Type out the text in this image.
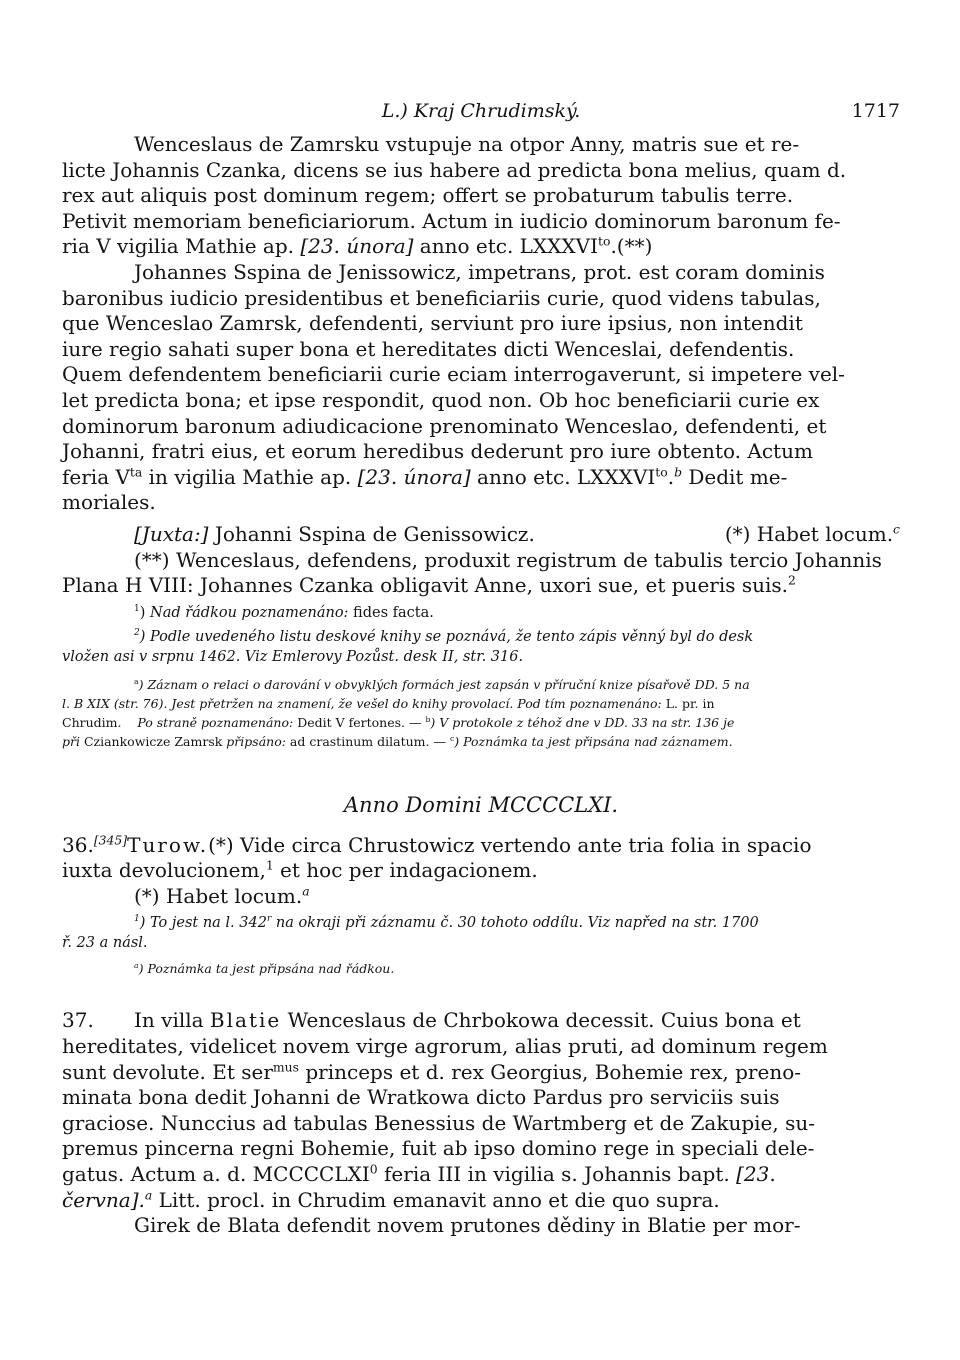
L.) Kraj Chrudimský.	1717

Wenceslaus de Zamrsku vstupuje na otpor Anny, matris sue et re-

licte Johannis Czanka, dicens se ius habere ad predicta bona melius, quam d.

rex aut aliquis post dominum regem; offert se probaturum tabulis terre.

Petivit memoriam beneficiariorum. Actum in iudicio dominorum baronum fe-

ria V vigilia Mathie ap. [23. února] anno etc. $LXXXVI^{to}.(**)$

Johannes Sspina de Jenissowicz, impetrans, prot. est coram dominis

baronibus iudicio presidentibus et beneficiariis curie, quod videns tabulas,

que Wenceslao Zamrsk, defendenti, serviunt pro iure ipsius, non intendit

iure regio sahati super bona et hereditates dicti Wenceslai, defendentis.

Quem defendentem beneficiarii curie eciam interrogaverunt, si impetere vel-

let predicta bona; et ipse respondit, quod non. Ob hoc beneficiarii curie ex

dominorum baronum adiudicacione prenominato Wenceslao, defendenti, et

Johanni, fratri eius, et eorum heredibus dederunt pro iure obtento. Actum

feria $V^{ta}$ in vigilia Mathie ap. [23. února] anno etc. $LXXXVI^{to}.^b$ Dedit me-

moriales.

[Juxta:] Johanni Sspina de Genissowicz.	(*) Habet locum.$^c$

(**) Wenceslaus, defendens, produxit registrum de tabulis tercio Johannis

Plana H VIII: Johannes Czanka obligavit Anne, uxori sue, et pueris suis.$^2$

$^1$) Nad řádkou poznamenáno: fides facta.

$^2$) Podle uvedeného listu deskové knihy se poznává, že tento zápis věnný byl do desk

vložen asi v srpnu 1462. Viz Emlerovy Pozůst. desk II, str. 316.

$^a$) Záznam o relaci o darování v obvyklých formách jest zapsán v příruční knize písařově DD. 5 na

l. B XIX (str. 76). Jest přetržen na znamení, že vešel do knihy provolací. Pod tím poznamenáno: L. pr. in

Chrudim.    Po straně poznamenáno: Dedit V fertones. — $^b$) V protokole z téhož dne v DD. 33 na str. 136 je

při Cziankowicze Zamrsk připsáno: ad crastinum dilatum. — $^c$) Poznámka ta jest připsána nad záznamem.

Anno Domini MCCCCLXI.

36.[345]Turow.(*) Vide circa Chrustowicz vertendo ante tria folia in spacio

iuxta devolucionem,$^1$ et hoc per indagacionem.

(*) Habet locum.$^a$

$^1$) To jest na l. 342$^r$ na okraji při záznamu č. 30 tohoto oddílu. Viz napřed na str. 1700

ř. 23 a násl.

$^a$) Poznámka ta jest připsána nad řádkou.

37. In villa Blatie Wenceslaus de Chrbokowa decessit. Cuius bona et

hereditates, videlicet novem virge agrorum, alias pruti, ad dominum regem

sunt devolute. Et ser$^{mus}$ princeps et d. rex Georgius, Bohemie rex, preno-

minata bona dedit Johanni de Wratkowa dicto Pardus pro serviciis suis

graciose. Nunccius ad tabulas Benessius de Wartmberg et de Zakupie, su-

premus pincerna regni Bohemie, fuit ab ipso domino rege in speciali dele-

gatus. Actum a. d. MCCCCLXI$^0$ feria III in vigilia s. Johannis bapt. [23.

června].$^a$ Litt. procl. in Chrudim emanavit anno et die quo supra.

Girek de Blata defendit novem prutones dědiny in Blatie per mor-
